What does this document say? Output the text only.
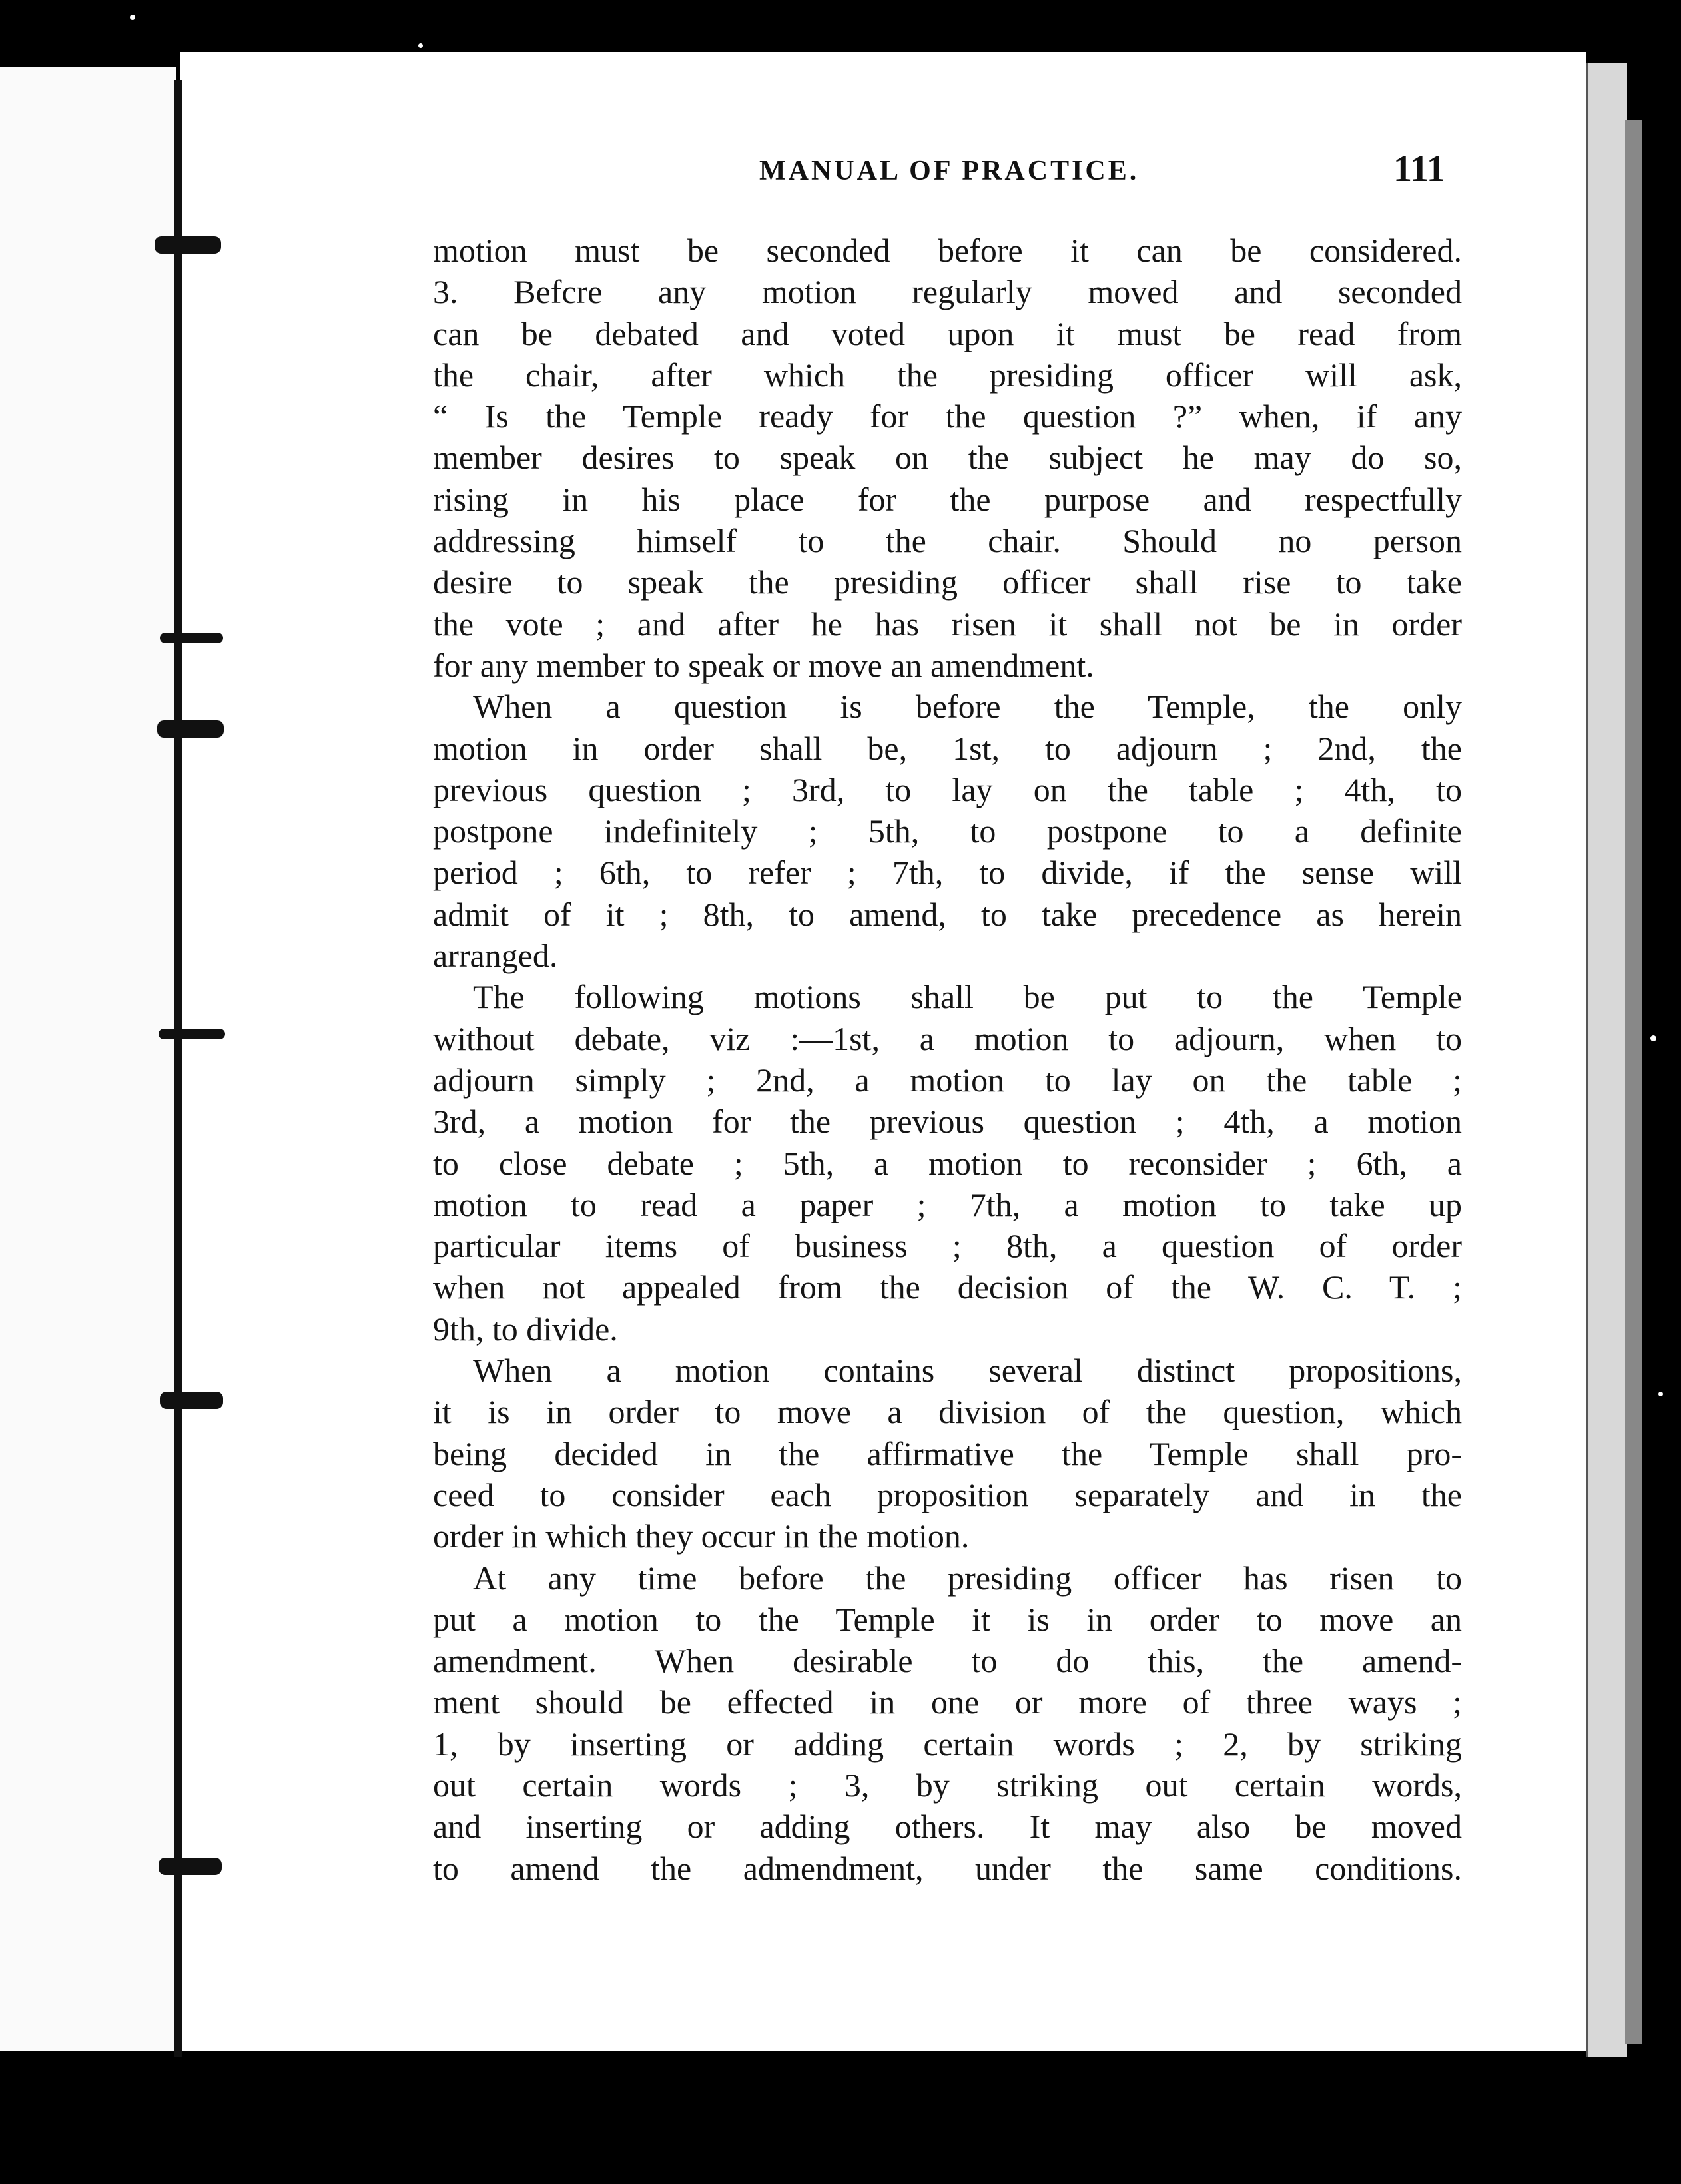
MANUAL OF PRACTICE.	111
motion must be seconded before it can be considered.
3. Befcre any motion regularly moved and seconded
can be debated and voted upon it must be read from
the chair, after which the presiding officer will ask,
“ Is the Temple ready for the question ?” when, if any
member desires to speak on the subject he may do so,
rising in his place for the purpose and respectfully
addressing himself to the chair. Should no person
desire to speak the presiding officer shall rise to take
the vote ; and after he has risen it shall not be in order
for any member to speak or move an amendment.
When a question is before the Temple, the only
motion in order shall be, 1st, to adjourn ; 2nd, the
previous question ; 3rd, to lay on the table ; 4th, to
postpone indefinitely ; 5th, to postpone to a definite
period ; 6th, to refer ; 7th, to divide, if the sense will
admit of it ; 8th, to amend, to take precedence as herein
arranged.
The following motions shall be put to the Temple
without debate, viz :—1st, a motion to adjourn, when to
adjourn simply ; 2nd, a motion to lay on the table ;
3rd, a motion for the previous question ; 4th, a motion
to close debate ; 5th, a motion to reconsider ; 6th, a
motion to read a paper ; 7th, a motion to take up
particular items of business ; 8th, a question of order
when not appealed from the decision of the W. C. T. ;
9th, to divide.
When a motion contains several distinct propositions,
it is in order to move a division of the question, which
being decided in the affirmative the Temple shall pro-
ceed to consider each proposition separately and in the
order in which they occur in the motion.
At any time before the presiding officer has risen to
put a motion to the Temple it is in order to move an
amendment. When desirable to do this, the amend-
ment should be effected in one or more of three ways ;
1, by inserting or adding certain words ; 2, by striking
out certain words ; 3, by striking out certain words,
and inserting or adding others. It may also be moved
to amend the admendment, under the same conditions.
